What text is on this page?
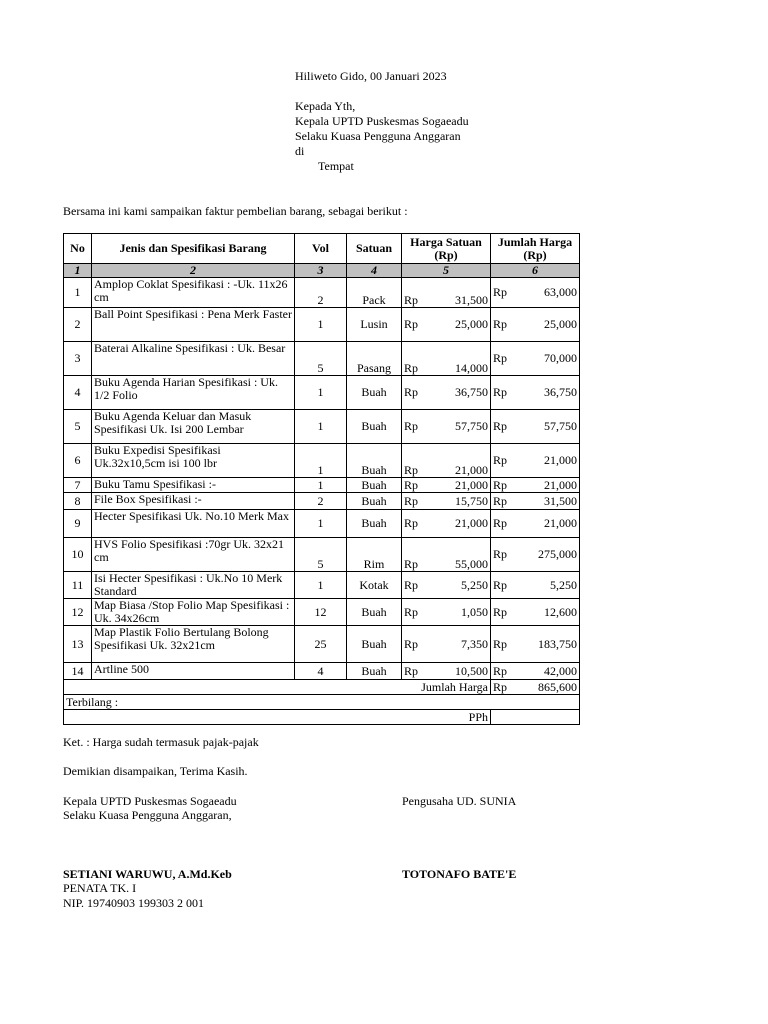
Hiliweto Gido, 00 Januari 2023
Kepada Yth,
Kepala UPTD Puskesmas Sogaeadu
Selaku Kuasa Pengguna Anggaran
di
Tempat
Bersama ini kami sampaikan faktur pembelian barang, sebagai berikut :
No	Jenis dan Spesifikasi Barang	Vol	Satuan	Harga Satuan (Rp)	Jumlah Harga (Rp)
1	2	3	4	5	6
1	Amplop Coklat Spesifikasi : -Uk. 11x26 cm	2	Pack	Rp 31,500	Rp 63,000

2	Ball Point Spesifikasi : Pena Merk Faster	1	Lusin	Rp 25,000	Rp 25,000

3	Baterai Alkaline Spesifikasi : Uk. Besar	5	Pasang	Rp 14,000	Rp 70,000

4	Buku Agenda Harian Spesifikasi : Uk. 1/2 Folio	1	Buah	Rp 36,750	Rp 36,750

5	Buku Agenda Keluar dan Masuk Spesifikasi Uk. Isi 200 Lembar	1	Buah	Rp 57,750	Rp 57,750

6	Buku Expedisi Spesifikasi Uk.32x10,5cm isi 100 lbr	1	Buah	Rp 21,000	Rp 21,000

7	Buku Tamu Spesifikasi :-	1	Buah	Rp 21,000	Rp 21,000

8	File Box Spesifikasi :-	2	Buah	Rp 15,750	Rp 31,500

9	Hecter Spesifikasi Uk. No.10 Merk Max	1	Buah	Rp 21,000	Rp 21,000

10	HVS Folio Spesifikasi :70gr Uk. 32x21 cm	5	Rim	Rp 55,000	Rp 275,000

11	Isi Hecter Spesifikasi : Uk.No 10 Merk Standard	1	Kotak	Rp 5,250	Rp 5,250

12	Map Biasa /Stop Folio Map Spesifikasi : Uk. 34x26cm	12	Buah	Rp 1,050	Rp 12,600

13	Map Plastik Folio Bertulang Bolong Spesifikasi Uk. 32x21cm	25	Buah	Rp 7,350	Rp 183,750

14	Artline 500	4	Buah	Rp 10,500	Rp 42,000

Jumlah Harga					Rp 865,600

Terbilang :					
PPh					
Ket. : Harga sudah termasuk pajak-pajak
Demikian disampaikan, Terima Kasih.
Kepala UPTD Puskesmas Sogaeadu
Selaku Kuasa Pengguna Anggaran,
Pengusaha UD. SUNIA
SETIANI WARUWU, A.Md.Keb
PENATA TK. I
NIP. 19740903 199303 2 001
TOTONAFO BATE'E
